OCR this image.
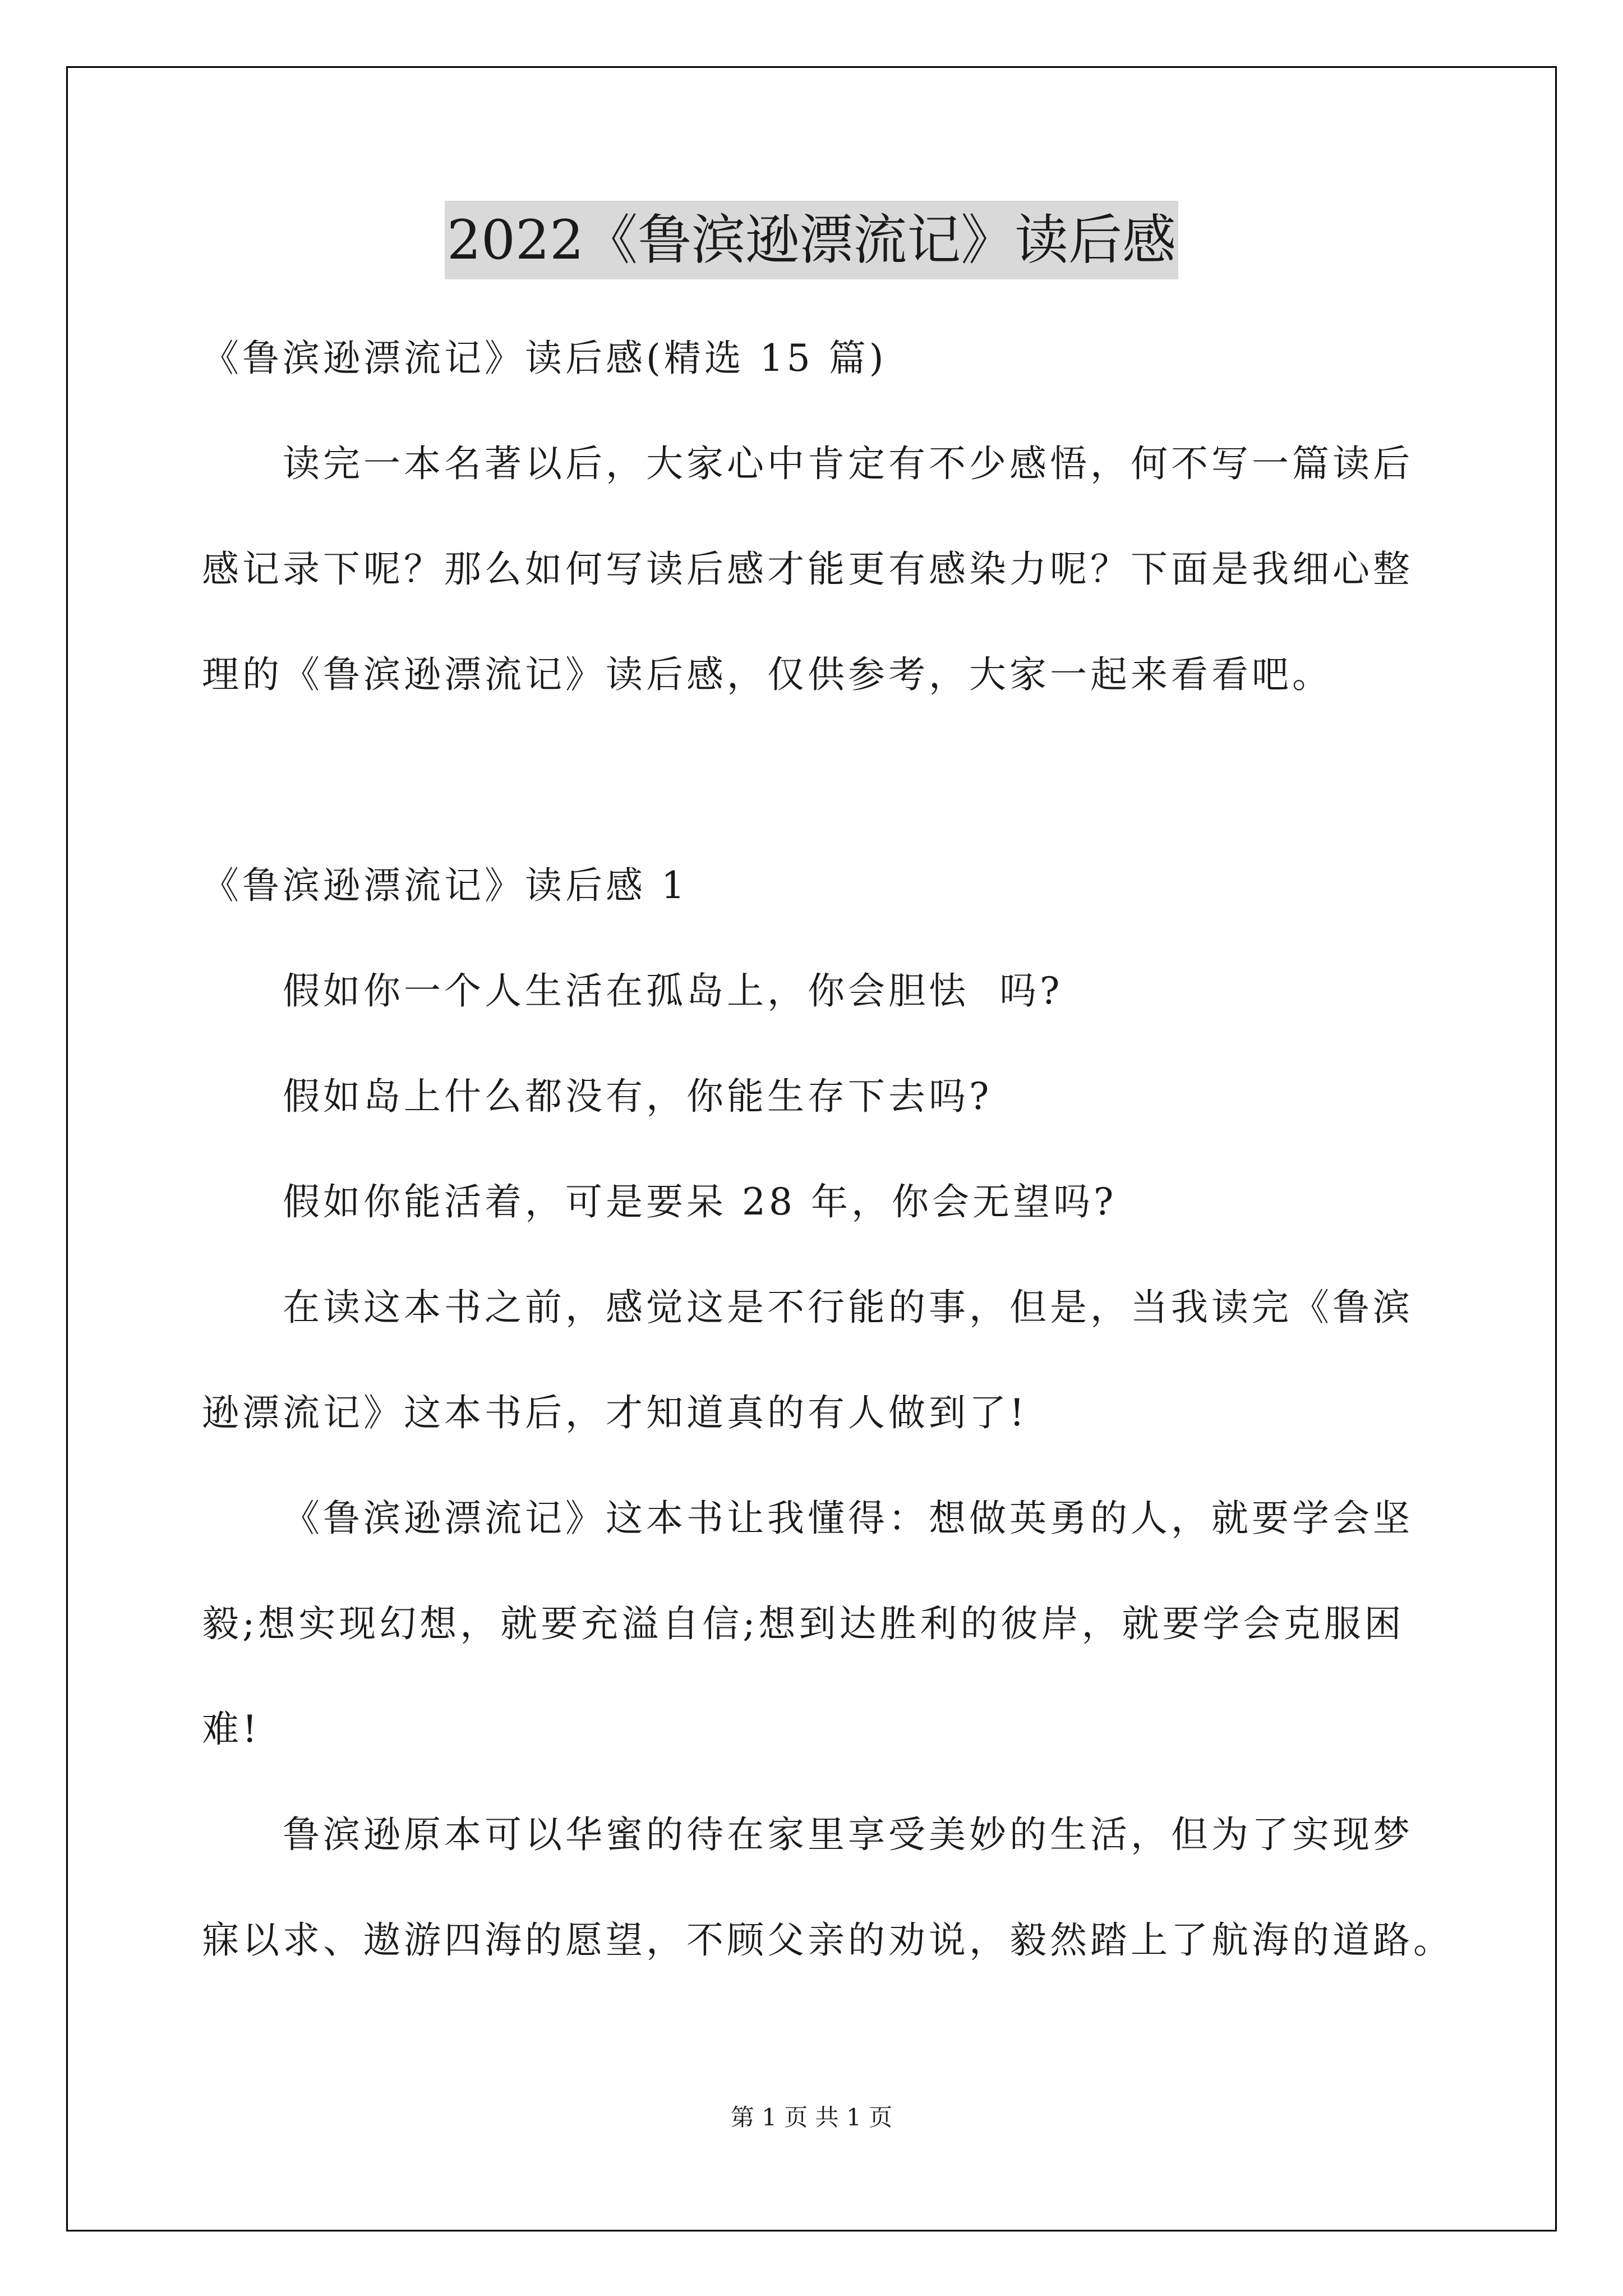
2022《鲁滨逊漂流记》读后感
《鲁滨逊漂流记》读后感(精选 15 篇)
读完一本名著以后，大家心中肯定有不少感悟，何不写一篇读后
感记录下呢？那么如何写读后感才能更有感染力呢？下面是我细心整
理的《鲁滨逊漂流记》读后感，仅供参考，大家一起来看看吧。
《鲁滨逊漂流记》读后感 1
假如你一个人生活在孤岛上，你会胆怯  吗?
假如岛上什么都没有，你能生存下去吗?
假如你能活着，可是要呆 28 年，你会无望吗?
在读这本书之前，感觉这是不行能的事，但是，当我读完《鲁滨
逊漂流记》这本书后，才知道真的有人做到了!
《鲁滨逊漂流记》这本书让我懂得：想做英勇的人，就要学会坚
毅;想实现幻想，就要充溢自信;想到达胜利的彼岸，就要学会克服困
难!
鲁滨逊原本可以华蜜的待在家里享受美妙的生活，但为了实现梦
寐以求、遨游四海的愿望，不顾父亲的劝说，毅然踏上了航海的道路。
第 1 页 共 1 页
